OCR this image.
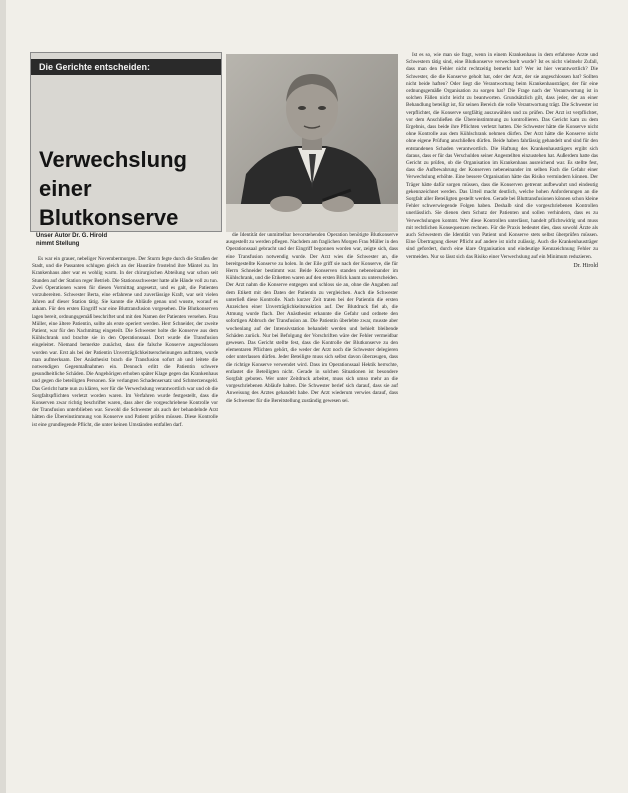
Die Gerichte entscheiden:
Verwechslung
einer
Blutkonserve
Unser Autor Dr. G. Hirold
nimmt Stellung

Es war ein grauer, nebeliger Novembermorgen. Der Sturm fegte durch die Straßen der Stadt, und die Passanten schlugen gleich an der Haustüre frostelnd ihre Mäntel zu. Im Krankenhaus aber war es wohlig warm. In der chirurgischen Abteilung war schon seit Stunden auf der Station reger Betrieb. Die Stationsschwester hatte alle Hände voll zu tun. Zwei Operationen waren für diesen Vormittag angesetzt, und es galt, die Patienten vorzubereiten. Schwester Berta, eine erfahrene und zuverlässige Kraft, war seit vielen Jahren auf dieser Station tätig. Sie kannte die Abläufe genau und wusste, worauf es ankam. Für den ersten Eingriff war eine Bluttransfusion vorgesehen. Die Blutkonserven lagen bereit, ordnungsgemäß beschriftet und mit den Namen der Patienten versehen. Frau Müller, eine ältere Patientin, sollte als erste operiert werden. Herr Schneider, der zweite Patient, war für den Nachmittag eingeteilt. Die Schwester holte die Konserve aus dem Kühlschrank und brachte sie in den Operationssaal. Dort wurde die Transfusion eingeleitet. Niemand bemerkte zunächst, dass die falsche Konserve angeschlossen worden war. Erst als bei der Patientin Unverträglichkeitserscheinungen auftraten, wurde man aufmerksam. Der Anästhesist brach die Transfusion sofort ab und leitete die notwendigen Gegenmaßnahmen ein. Dennoch erlitt die Patientin schwere gesundheitliche Schäden. Die Angehörigen erhoben später Klage gegen das Krankenhaus und gegen die beteiligten Personen. Sie verlangten Schadensersatz und Schmerzensgeld. Das Gericht hatte nun zu klären, wer für die Verwechslung verantwortlich war und ob die Sorgfaltspflichten verletzt worden waren. Im Verfahren wurde festgestellt, dass die Konserven zwar richtig beschriftet waren, dass aber die vorgeschriebene Kontrolle vor der Transfusion unterblieben war. Sowohl die Schwester als auch der behandelnde Arzt hätten die Übereinstimmung von Konserve und Patient prüfen müssen. Diese Kontrolle ist eine grundlegende Pflicht, die unter keinen Umständen entfallen darf.

die Identität der unmittelbar bevorstehenden Operation benötigte Blutkonserve ausgestellt zu werden pflegen. Nachdem am fraglichen Morgen Frau Müller in den Operationssaal gebracht und der Eingriff begonnen worden war, zeigte sich, dass eine Transfusion notwendig wurde. Der Arzt wies die Schwester an, die bereitgestellte Konserve zu holen. In der Eile griff sie nach der Konserve, die für Herrn Schneider bestimmt war. Beide Konserven standen nebeneinander im Kühlschrank, und die Etiketten waren auf den ersten Blick kaum zu unterscheiden. Der Arzt nahm die Konserve entgegen und schloss sie an, ohne die Angaben auf dem Etikett mit den Daten der Patientin zu vergleichen. Auch die Schwester unterließ diese Kontrolle. Nach kurzer Zeit traten bei der Patientin die ersten Anzeichen einer Unverträglichkeitsreaktion auf. Der Blutdruck fiel ab, die Atmung wurde flach. Der Anästhesist erkannte die Gefahr und ordnete den sofortigen Abbruch der Transfusion an. Die Patientin überlebte zwar, musste aber wochenlang auf der Intensivstation behandelt werden und behielt bleibende Schäden zurück. Nur bei Befolgung der Vorschriften wäre der Fehler vermeidbar gewesen. Das Gericht stellte fest, dass die Kontrolle der Blutkonserve zu den elementaren Pflichten gehört, die weder der Arzt noch die Schwester delegieren oder unterlassen dürfen. Jeder Beteiligte muss sich selbst davon überzeugen, dass die richtige Konserve verwendet wird. Dass im Operationssaal Hektik herrschte, entlastet die Beteiligten nicht. Gerade in solchen Situationen ist besondere Sorgfalt geboten. Wer unter Zeitdruck arbeitet, muss sich umso mehr an die vorgeschriebenen Abläufe halten. Die Schwester berief sich darauf, dass sie auf Anweisung des Arztes gehandelt habe. Der Arzt wiederum verwies darauf, dass die Schwester für die Bereitstellung zuständig gewesen sei.

Ist es so, wie man sie fragt, wenn in einem Krankenhaus in dem erfahrene Ärzte und Schwestern tätig sind, eine Blutkonserve verwechselt wurde? Ist es nicht vielmehr Zufall, dass man den Fehler nicht rechtzeitig bemerkt hat? Wer ist hier verantwortlich? Die Schwester, die die Konserve geholt hat, oder der Arzt, der sie angeschlossen hat? Sollten nicht beide haften? Oder liegt die Verantwortung beim Krankenhausträger, der für eine ordnungsgemäße Organisation zu sorgen hat? Die Frage nach der Verantwortung ist in solchen Fällen nicht leicht zu beantworten. Grundsätzlich gilt, dass jeder, der an einer Behandlung beteiligt ist, für seinen Bereich die volle Verantwortung trägt. Die Schwester ist verpflichtet, die Konserve sorgfältig auszuwählen und zu prüfen. Der Arzt ist verpflichtet, vor dem Anschließen die Übereinstimmung zu kontrollieren. Das Gericht kam zu dem Ergebnis, dass beide ihre Pflichten verletzt hatten. Die Schwester hätte die Konserve nicht ohne Kontrolle aus dem Kühlschrank nehmen dürfen. Der Arzt hätte die Konserve nicht ohne eigene Prüfung anschließen dürfen. Beide haben fahrlässig gehandelt und sind für den entstandenen Schaden verantwortlich. Die Haftung des Krankenhausträgers ergibt sich daraus, dass er für das Verschulden seiner Angestellten einzustehen hat. Außerdem hatte das Gericht zu prüfen, ob die Organisation im Krankenhaus ausreichend war. Es stellte fest, dass die Aufbewahrung der Konserven nebeneinander im selben Fach die Gefahr einer Verwechslung erhöhte. Eine bessere Organisation hätte das Risiko vermindern können. Der Träger hätte dafür sorgen müssen, dass die Konserven getrennt aufbewahrt und eindeutig gekennzeichnet werden. Das Urteil macht deutlich, welche hohen Anforderungen an die Sorgfalt aller Beteiligten gestellt werden. Gerade bei Bluttransfusionen können schon kleine Fehler schwerwiegende Folgen haben. Deshalb sind die vorgeschriebenen Kontrollen unerlässlich. Sie dienen dem Schutz der Patienten und sollen verhindern, dass es zu Verwechslungen kommt. Wer diese Kontrollen unterlässt, handelt pflichtwidrig und muss mit rechtlichen Konsequenzen rechnen. Für die Praxis bedeutet dies, dass sowohl Ärzte als auch Schwestern die Identität von Patient und Konserve stets selbst überprüfen müssen. Eine Übertragung dieser Pflicht auf andere ist nicht zulässig. Auch die Krankenhausträger sind gefordert, durch eine klare Organisation und eindeutige Kennzeichnung Fehler zu vermeiden. Nur so lässt sich das Risiko einer Verwechslung auf ein Minimum reduzieren.

Dr. Hirold
